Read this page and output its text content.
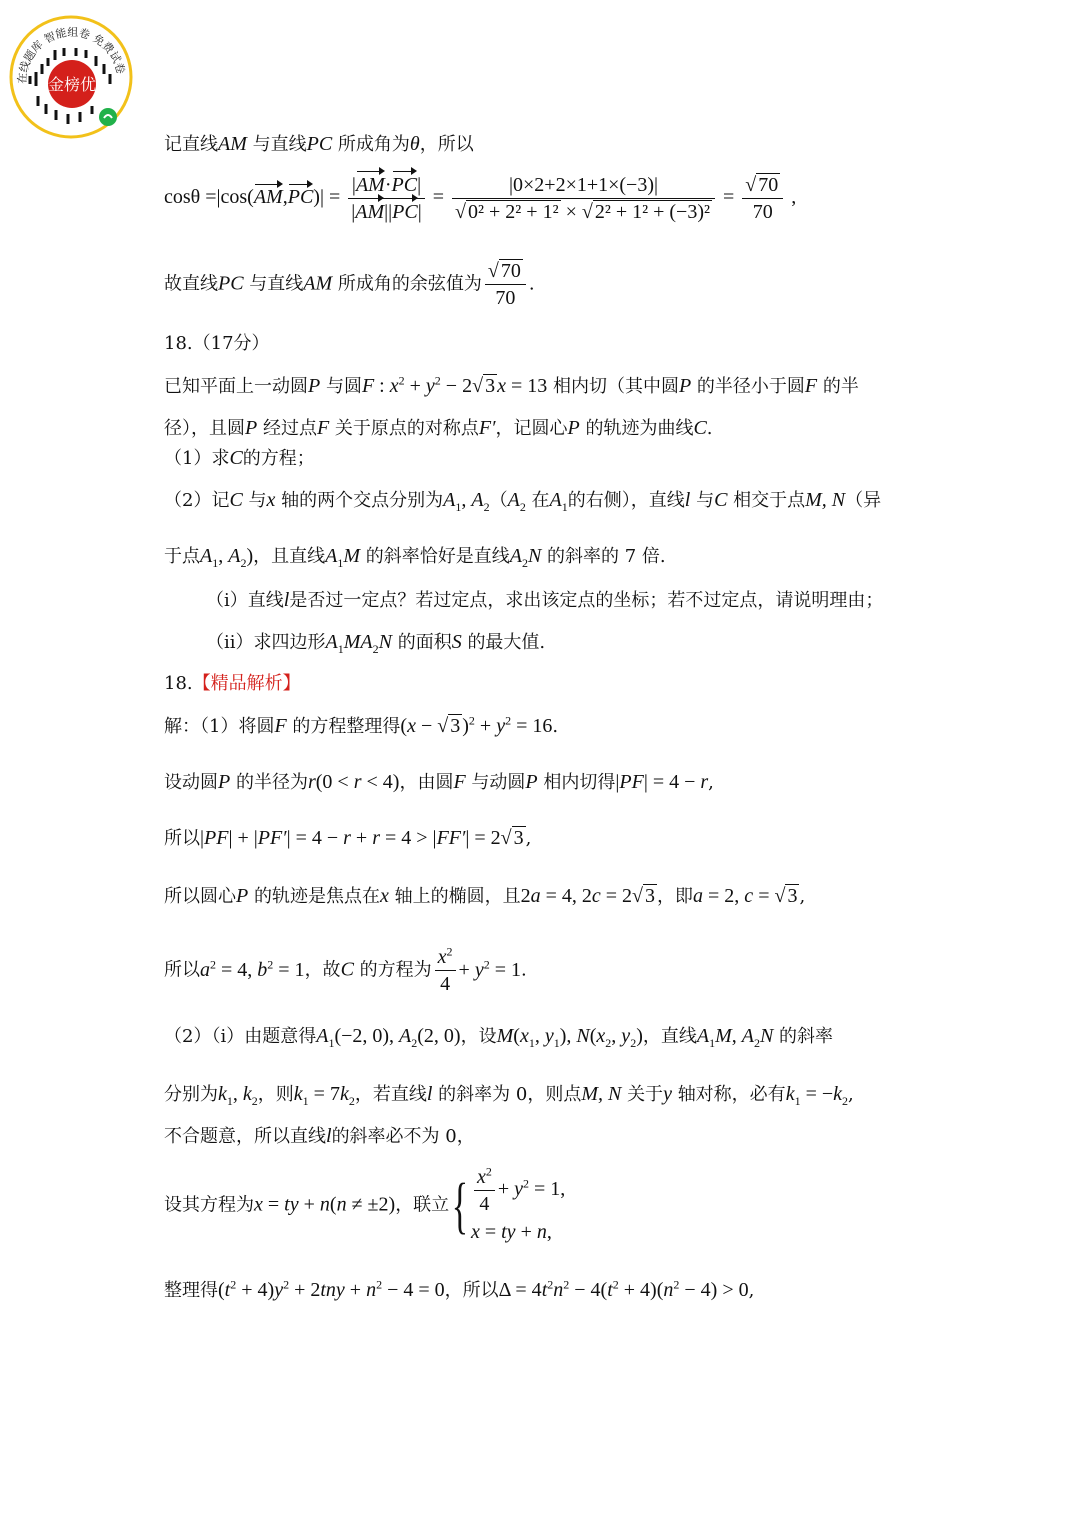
在线题库 智能组卷 免费试卷
金榜优
记直线AM 与直线PC 所成角为θ，所以
$\cos\theta =|\cos(AM,PC)| = \frac{|AM\cdot PC|}{|AM||PC|} = \frac{|0\times 2+2\times 1+1\times(-3)|}{\text{√ 0² + 2² + 1² × √ 2² + 1² + (−3)²}} = \frac{√ 70}{70}$ ,
故直线PC 与直线AM 所成角的余弦值为 $\frac{√ 70}{70}$ .
18.（17分）
已知平面上一动圆P 与圆F : $x^2 + y^2 - 2√$ 3 x = 13 相内切（其中圆P 的半径小于圆F 的半
径），且圆P 经过点F 关于原点的对称点F′，记圆心P 的轨迹为曲线C.
（1）求C的方程；
（2）记C 与x 轴的两个交点分别为$A_1$, $A_2(A_2$ 在$A_1$的右侧），直线l 与C 相交于点M, N（异
于点$A_1$, $A_2$)，且直线$A_1M$ 的斜率恰好是直线$A_2N$ 的斜率的 7 倍.
（i）直线l是否过一定点？若过定点，求出该定点的坐标；若不过定点，请说明理由；
（ii）求四边形$A_1MA_2N$ 的面积S 的最大值.
18.【精品解析】
解：（1）将圆F 的方程整理得(x − √ 3 )$^2 + y^2 = 16$.
设动圆P 的半径为r(0 < r < 4)，由圆F 与动圆P 相内切得|PF| = 4 − r,
所以|PF| + |PF′| = 4 − r + r = 4 > |FF′| = 2√ 3 ,
所以圆心P 的轨迹是焦点在x 轴上的椭圆，且2a = 4, 2c = 2√ 3 ，即a = 2, c = √ 3 ,
所以$a^2 = 4$, $b^2 = 1$，故C 的方程为 $\frac{x^2}{4} + y^2 = 1$.
（2）（i）由题意得$A_1(-2$, 0), $A_2(2$, 0)，设$M(x_1$, $y_1$), $N(x_2$, $y_2$)，直线$A_1M$, $A_2N$ 的斜率
分别为$k_1$, $k_2$，则$k_1 = 7k_2$，若直线l 的斜率为 0，则点M, N 关于y 轴对称，必有$k_1 = -k_2$,
不合题意，所以直线l的斜率必不为 0，
设其方程为x = ty + n(n ≠ ±2)，联立{ $\frac{x^2}{4} + y^2 = 1$,
x = ty + n,
整理得$(t^2 + 4)y^2 + 2tny + n^2 - 4 = 0$，所以$\Delta = 4t^2n^2 - 4(t^2 + 4)(n^2 - 4) > 0$,
